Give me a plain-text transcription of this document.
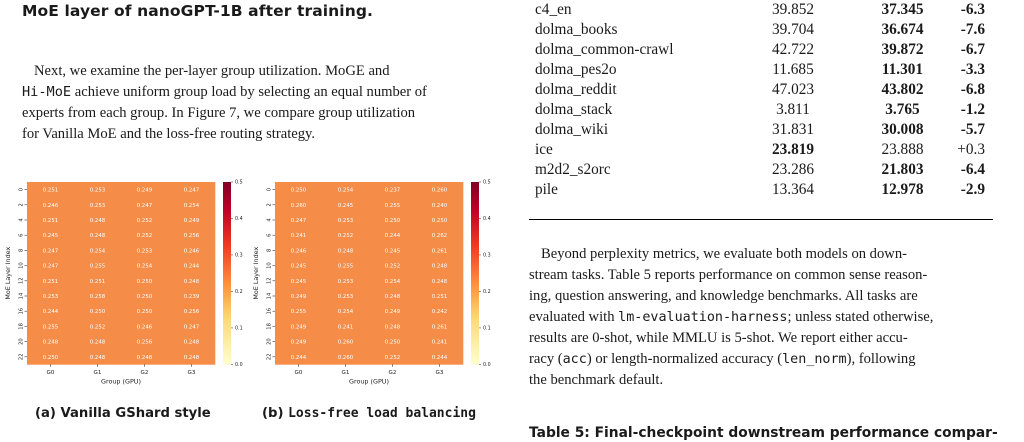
MoE layer of nanoGPT-1B after training.
Next, we examine the per-layer group utilization. MoGE and
Hi-MoE achieve uniform group load by selecting an equal number of
experts from each group. In Figure 7, we compare group utilization
for Vanilla MoE and the loss-free routing strategy.
0.251	0.253	0.249	0.247
0.246	0.253	0.247	0.254
0.251	0.248	0.252	0.249
0.245	0.248	0.252	0.256
0.247	0.254	0.253	0.246
0.247	0.255	0.254	0.244
0.251	0.251	0.250	0.248
0.253	0.258	0.250	0.239
0.244	0.250	0.250	0.256
0.255	0.252	0.246	0.247
0.248	0.248	0.256	0.248
0.250	0.248	0.248	0.248
0
2
4
6
8
10
12
14
16
18
20
22
MoE Layer Index
G0	G1	G2	G3
Group (GPU)
0.5
0.4
0.3
0.2
0.1
0.0
(a) Vanilla GShard style
0.250	0.254	0.237	0.260
0.260	0.245	0.255	0.240
0.247	0.253	0.250	0.250
0.241	0.252	0.244	0.262
0.246	0.248	0.245	0.261
0.245	0.255	0.252	0.248
0.245	0.253	0.254	0.248
0.249	0.253	0.248	0.251
0.255	0.254	0.249	0.242
0.249	0.241	0.248	0.261
0.249	0.260	0.250	0.241
0.244	0.260	0.252	0.244
0
2
4
6
8
10
12
14
16
18
20
22
MoE Layer Index
G0	G1	G2	G3
Group (GPU)
0.5
0.4
0.3
0.2
0.1
0.0
(b) Loss-free load balancing
c4_en	39.852	37.345	-6.3
dolma_books	39.704	36.674	-7.6
dolma_common-crawl	42.722	39.872	-6.7
dolma_pes2o	11.685	11.301	-3.3
dolma_reddit	47.023	43.802	-6.8
dolma_stack	3.811	3.765	-1.2
dolma_wiki	31.831	30.008	-5.7
ice	23.819	23.888	+0.3
m2d2_s2orc	23.286	21.803	-6.4
pile	13.364	12.978	-2.9
Beyond perplexity metrics, we evaluate both models on down-
stream tasks. Table 5 reports performance on common sense reason-
ing, question answering, and knowledge benchmarks. All tasks are
evaluated with lm-evaluation-harness; unless stated otherwise,
results are 0-shot, while MMLU is 5-shot. We report either accu-
racy (acc) or length-normalized accuracy (len_norm), following
the benchmark default.
Table 5: Final-checkpoint downstream performance compar-
